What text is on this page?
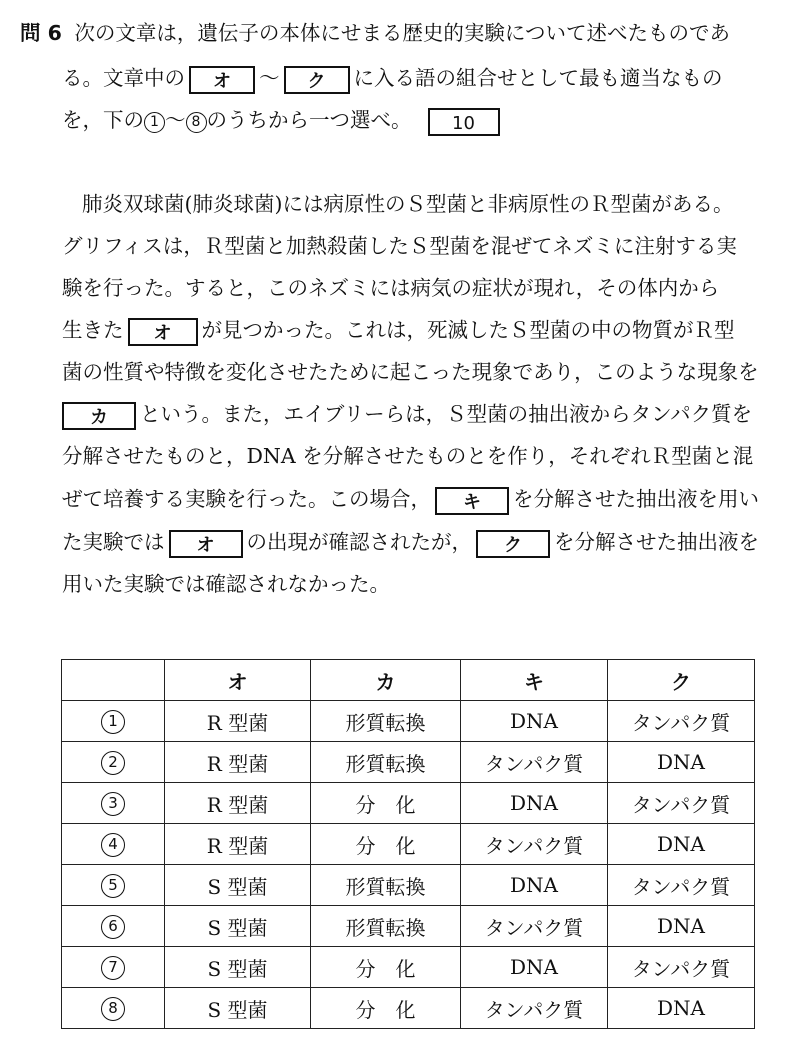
問 6 次の文章は，遺伝子の本体にせまる歴史的実験について述べたものであ
る。文章中の オ ～ ク に入る語の組合せとして最も適当なもの
を，下の 1 ～ 8 のうちから一つ選べ。 10
肺炎双球菌(肺炎球菌)には病原性のＳ型菌と非病原性のＲ型菌がある。
グリフィスは，Ｒ型菌と加熱殺菌したＳ型菌を混ぜてネズミに注射する実
験を行った。すると，このネズミには病気の症状が現れ，その体内から
生きた オ が見つかった。これは，死滅したＳ型菌の中の物質がＲ型
菌の性質や特徴を変化させたために起こった現象であり，このような現象を
カ という。また，エイブリーらは，Ｓ型菌の抽出液からタンパク質を
分解させたものと，DNA を分解させたものとを作り，それぞれＲ型菌と混
ぜて培養する実験を行った。この場合， キ を分解させた抽出液を用い
た実験では オ の出現が確認されたが， ク を分解させた抽出液を
用いた実験では確認されなかった。
	オ	カ	キ	ク
1	R 型菌	形質転換	DNA	タンパク質
2	R 型菌	形質転換	タンパク質	DNA
3	R 型菌	分　化	DNA	タンパク質
4	R 型菌	分　化	タンパク質	DNA
5	S 型菌	形質転換	DNA	タンパク質
6	S 型菌	形質転換	タンパク質	DNA
7	S 型菌	分　化	DNA	タンパク質
8	S 型菌	分　化	タンパク質	DNA
